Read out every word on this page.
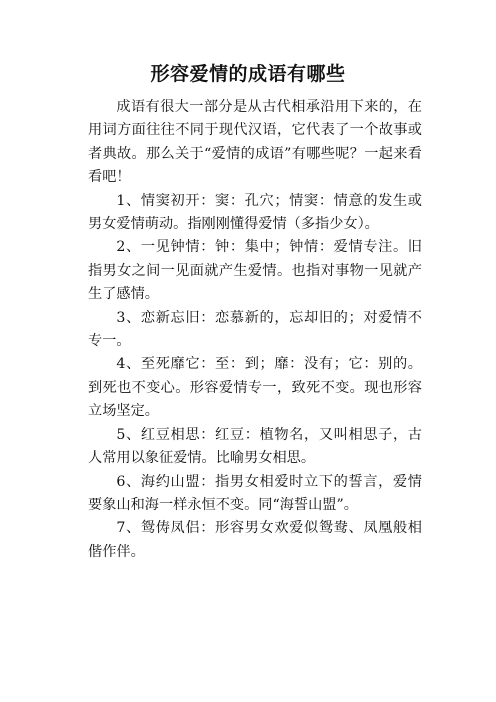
形容爱情的成语有哪些

成语有很大一部分是从古代相承沿用下来的，在用词方面往往不同于现代汉语，它代表了一个故事或者典故。那么关于“爱情的成语”有哪些呢？一起来看看吧！

1、情窦初开：窦：孔穴；情窦：情意的发生或男女爱情萌动。指刚刚懂得爱情（多指少女）。

2、一见钟情：钟：集中；钟情：爱情专注。旧指男女之间一见面就产生爱情。也指对事物一见就产生了感情。

3、恋新忘旧：恋慕新的，忘却旧的；对爱情不专一。

4、至死靡它：至：到；靡：没有；它：别的。到死也不变心。形容爱情专一，致死不变。现也形容立场坚定。

5、红豆相思：红豆：植物名，又叫相思子，古人常用以象征爱情。比喻男女相思。

6、海约山盟：指男女相爱时立下的誓言，爱情要象山和海一样永恒不变。同“海誓山盟”。

7、鸳俦凤侣：形容男女欢爱似鸳鸯、凤凰般相偕作伴。
